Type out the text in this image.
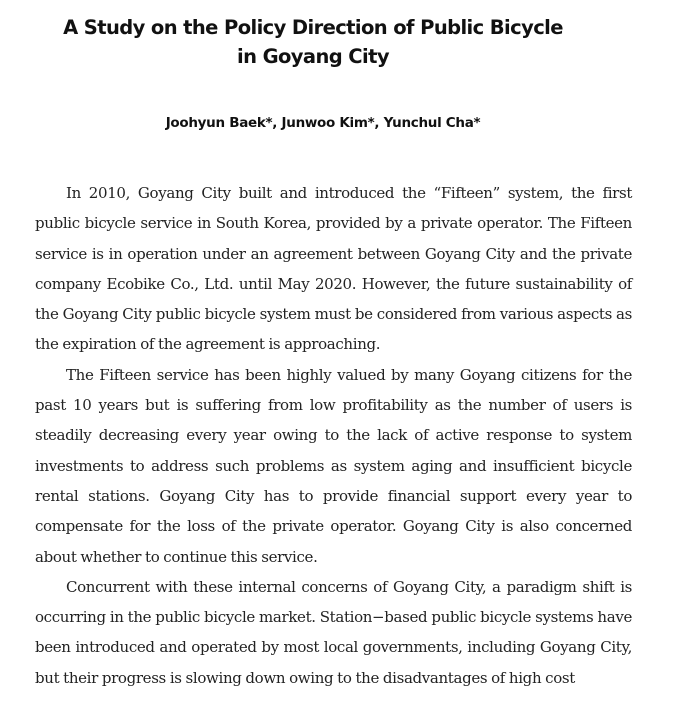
A Study on the Policy Direction of Public Bicycle
in Goyang City

Joohyun Baek*, Junwoo Kim*, Yunchul Cha*

In 2010, Goyang City built and introduced the “Fifteen” system, the first public bicycle service in South Korea, provided by a private operator. The Fifteen service is in operation under an agreement between Goyang City and the private company Ecobike Co., Ltd. until May 2020. However, the future sustainability of the Goyang City public bicycle system must be considered from various aspects as the expiration of the agreement is approaching.

The Fifteen service has been highly valued by many Goyang citizens for the past 10 years but is suffering from low profitability as the number of users is steadily decreasing every year owing to the lack of active response to system investments to address such problems as system aging and insufficient bicycle rental stations. Goyang City has to provide financial support every year to compensate for the loss of the private operator. Goyang City is also concerned about whether to continue this service.

Concurrent with these internal concerns of Goyang City, a paradigm shift is occurring in the public bicycle market. Station−based public bicycle systems have been introduced and operated by most local governments, including Goyang City, but their progress is slowing down owing to the disadvantages of high cost
